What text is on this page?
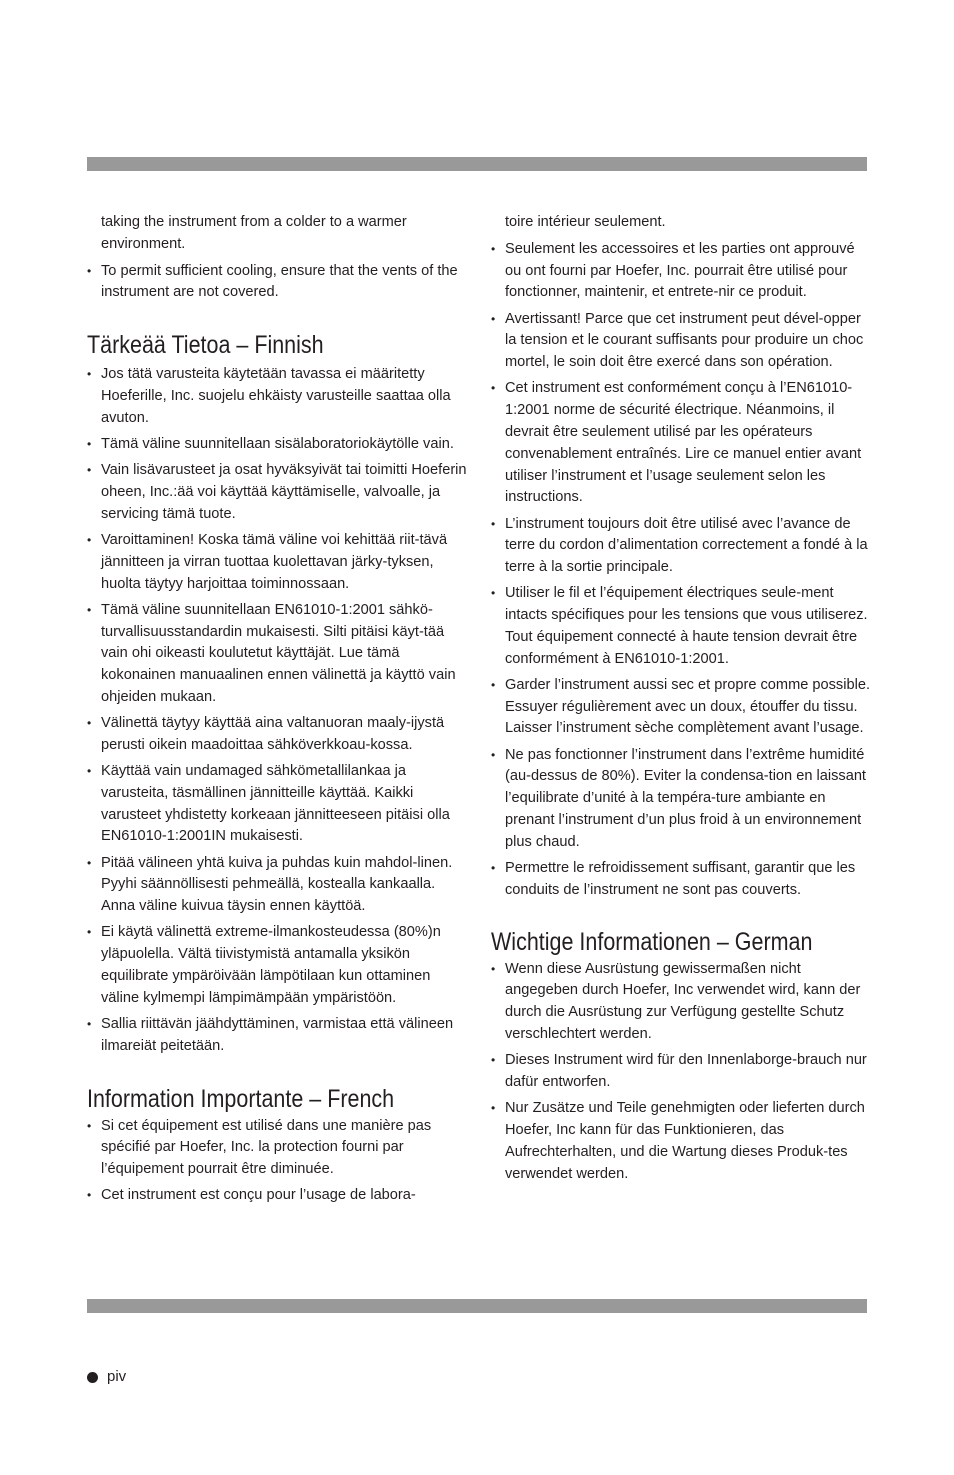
taking the instrument from a colder to a warmer environment.

• To permit sufficient cooling, ensure that the vents of the instrument are not covered.
Tärkeää Tietoa – Finnish
• Jos tätä varusteita käytetään tavassa ei määritetty Hoeferille, Inc. suojelu ehkäisty varusteille saattaa olla avuton.
• Tämä väline suunnitellaan sisälaboratoriokäytölle vain.
• Vain lisävarusteet ja osat hyväksyivät tai toimitti Hoeferin oheen, Inc.:ää voi käyttää käyttämiselle, valvoalle, ja servicing tämä tuote.
• Varoittaminen! Koska tämä väline voi kehittää riit-tävä jännitteen ja virran tuottaa kuolettavan järky-tyksen, huolta täytyy harjoittaa toiminnossaan.
• Tämä väline suunnitellaan EN61010-1:2001 sähkö-turvallisuusstandardin mukaisesti. Silti pitäisi käyt-tää vain ohi oikeasti koulutetut käyttäjät. Lue tämä kokonainen manuaalinen ennen välinettä ja käyttö vain ohjeiden mukaan.
• Välinettä täytyy käyttää aina valtanuoran maaly-ijystä perusti oikein maadoittaa sähköverkkoau-kossa.
• Käyttää vain undamaged sähkömetallilankaa ja varusteita, täsmällinen jännitteille käyttää. Kaikki varusteet yhdistetty korkeaan jännitteeseen pitäisi olla EN61010-1:2001IN mukaisesti.
• Pitää välineen yhtä kuiva ja puhdas kuin mahdol-linen. Pyyhi säännöllisesti pehmeällä, kostealla kankaalla. Anna väline kuivua täysin ennen käyttöä.
• Ei käytä välinettä extreme-ilmankosteudessa (80%)n yläpuolella. Vältä tiivistymistä antamalla yksikön equilibrate ympäröivään lämpötilaan kun ottaminen väline kylmempi lämpimämpään ympäristöön.
• Sallia riittävän jäähdyttäminen, varmistaa että välineen ilmareiät peitetään.
Information Importante – French
• Si cet équipement est utilisé dans une manière pas spécifié par Hoefer, Inc. la protection fourni par l’équipement pourrait être diminuée.
• Cet instrument est conçu pour l’usage de labora-

toire intérieur seulement.

• Seulement les accessoires et les parties ont approuvé ou ont fourni par Hoefer, Inc. pourrait être utilisé pour fonctionner, maintenir, et entrete-nir ce produit.
• Avertissant! Parce que cet instrument peut dével-opper la tension et le courant suffisants pour produire un choc mortel, le soin doit être exercé dans son opération.
• Cet instrument est conformément conçu à l’EN61010-1:2001 norme de sécurité électrique. Néanmoins, il devrait être seulement utilisé par les opérateurs convenablement entraînés. Lire ce manuel entier avant utiliser l’instrument et l’usage seulement selon les instructions.
• L’instrument toujours doit être utilisé avec l’avance de terre du cordon d’alimentation correctement a fondé à la terre à la sortie principale.
• Utiliser le fil et l’équipement électriques seule-ment intacts spécifiques pour les tensions que vous utiliserez. Tout équipement connecté à haute tension devrait être conformément à EN61010-1:2001.
• Garder l’instrument aussi sec et propre comme possible. Essuyer régulièrement avec un doux, étouffer du tissu. Laisser l’instrument sèche complètement avant l’usage.
• Ne pas fonctionner l’instrument dans l’extrême humidité (au-dessus de 80%). Eviter la condensa-tion en laissant l’equilibrate d’unité à la tempéra-ture ambiante en prenant l’instrument d’un plus froid à un environnement plus chaud.
• Permettre le refroidissement suffisant, garantir que les conduits de l’instrument ne sont pas couverts.
Wichtige Informationen – German
• Wenn diese Ausrüstung gewissermaßen nicht angegeben durch Hoefer, Inc verwendet wird, kann der durch die Ausrüstung zur Verfügung gestellte Schutz verschlechtert werden.
• Dieses Instrument wird für den Innenlaborge-brauch nur dafür entworfen.
• Nur Zusätze und Teile genehmigten oder lieferten durch Hoefer, Inc kann für das Funktionieren, das Aufrechterhalten, und die Wartung dieses Produk-tes verwendet werden.
piv
